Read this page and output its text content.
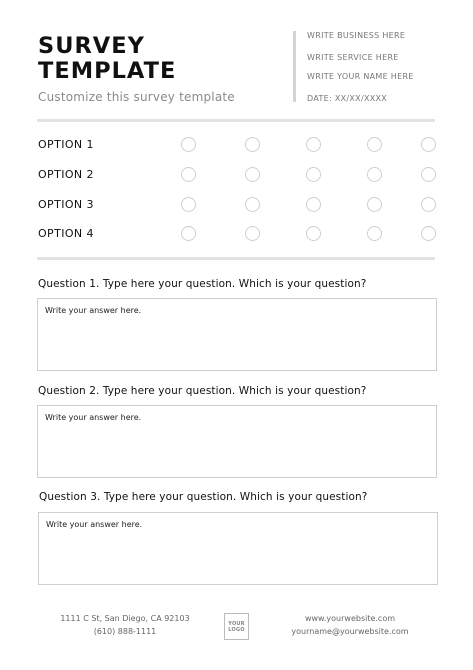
SURVEY
TEMPLATE
Customize this survey template
WRITE BUSINESS HERE
WRITE SERVICE HERE
WRITE YOUR NAME HERE
DATE: XX/XX/XXXX
OPTION 1
OPTION 2
OPTION 3
OPTION 4
Question 1. Type here your question. Which is your question?
Write your answer here.
Question 2. Type here your question. Which is your question?
Write your answer here.
Question 3. Type here your question. Which is your question?
Write your answer here.
1111 C St, San Diego, CA 92103
(610) 888-1111
YOUR
LOGO
www.yourwebsite.com
yourname@yourwebsite.com
